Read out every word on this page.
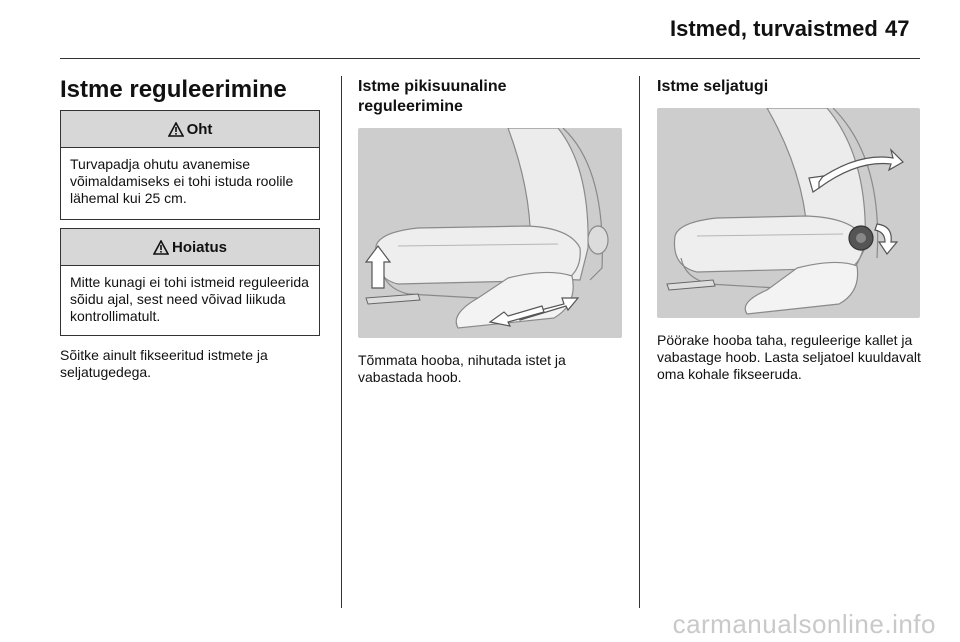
Istmed, turvaistmed 47
Istme reguleerimine
Oht
Turvapadja ohutu avanemise võimaldamiseks ei tohi istuda roolile lähemal kui 25 cm.
Hoiatus
Mitte kunagi ei tohi istmeid reguleerida sõidu ajal, sest need võivad liikuda kontrollimatult.
Sõitke ainult fikseeritud istmete ja seljatugedega.
Istme pikisuunaline
reguleerimine
Tõmmata hooba, nihutada istet ja vabastada hoob.
Istme seljatugi
Pöörake hooba taha, reguleerige kallet ja vabastage hoob. Lasta seljatoel kuuldavalt oma kohale fikseeruda.
carmanualsonline.info
